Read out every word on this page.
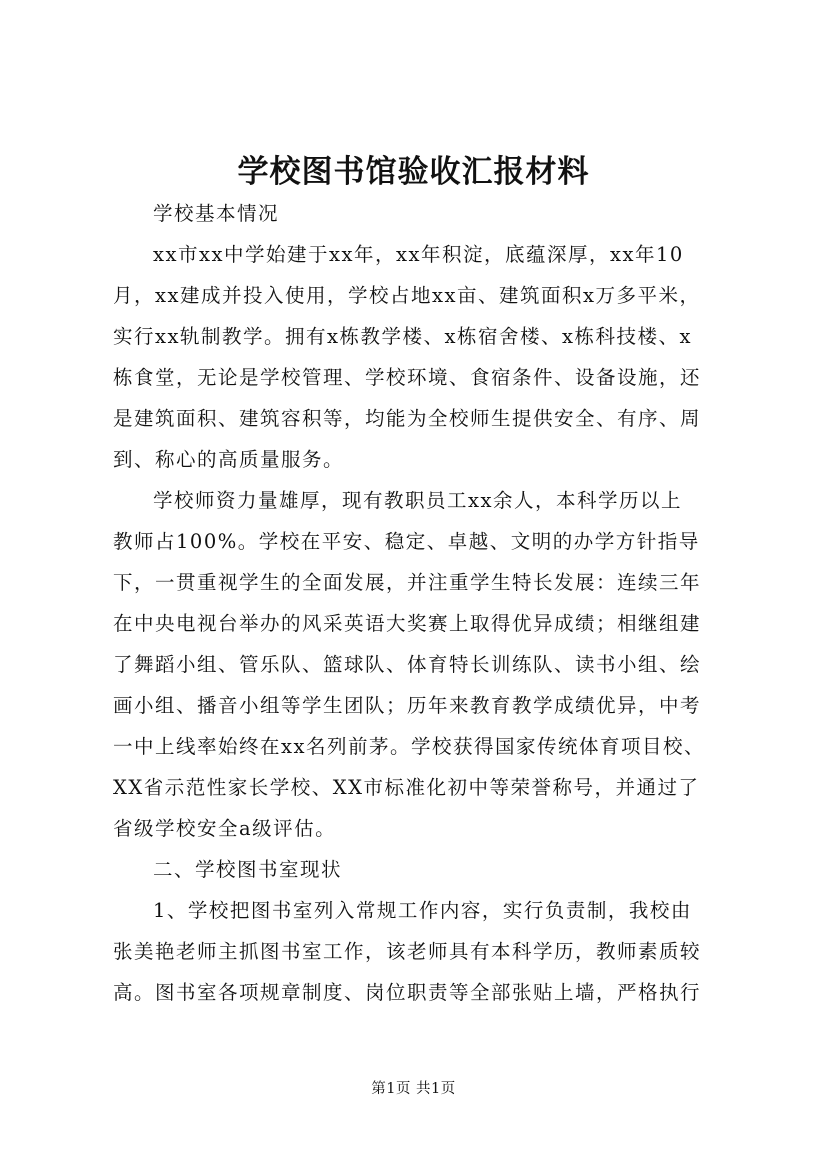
学校图书馆验收汇报材料
学校基本情况
xx市xx中学始建于xx年，xx年积淀，底蕴深厚，xx年10
月，xx建成并投入使用，学校占地xx亩、建筑面积x万多平米，
实行xx轨制教学。拥有x栋教学楼、x栋宿舍楼、x栋科技楼、x
栋食堂，无论是学校管理、学校环境、食宿条件、设备设施，还
是建筑面积、建筑容积等，均能为全校师生提供安全、有序、周
到、称心的高质量服务。
学校师资力量雄厚，现有教职员工xx余人，本科学历以上
教师占100%。学校在平安、稳定、卓越、文明的办学方针指导
下，一贯重视学生的全面发展，并注重学生特长发展：连续三年
在中央电视台举办的风采英语大奖赛上取得优异成绩；相继组建
了舞蹈小组、管乐队、篮球队、体育特长训练队、读书小组、绘
画小组、播音小组等学生团队；历年来教育教学成绩优异，中考
一中上线率始终在xx名列前茅。学校获得国家传统体育项目校、
XX省示范性家长学校、XX市标准化初中等荣誉称号，并通过了
省级学校安全a级评估。
二、学校图书室现状
1、学校把图书室列入常规工作内容，实行负责制，我校由
张美艳老师主抓图书室工作，该老师具有本科学历，教师素质较
高。图书室各项规章制度、岗位职责等全部张贴上墙，严格执行
第1页 共1页
